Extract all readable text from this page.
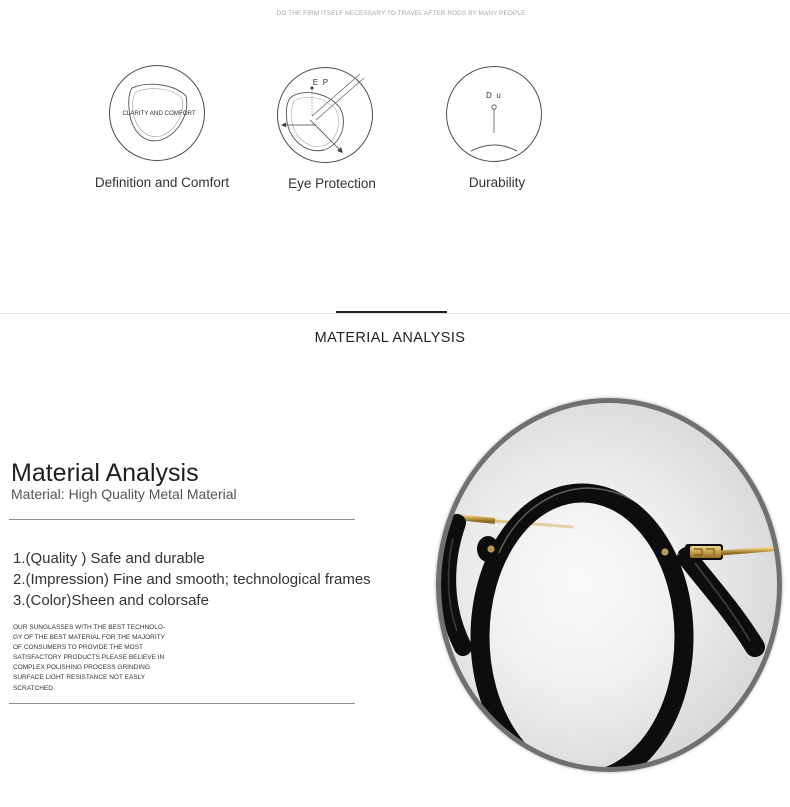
DO THE FIRM ITSELF NECESSARY TO TRAVEL AFTER RODS BY MANY PEOPLE
CLARITY AND COMFORT
Definition and Comfort
E P
Eye Protection
D u
Durability
MATERIAL ANALYSIS
Material Analysis
Material: High Quality Metal Material
1.(Quality ) Safe and durable
2.(Impression) Fine and smooth; technological frames
3.(Color)Sheen and colorsafe
OUR SUNGLASSES WITH THE BEST TECHNOLO-
GY OF THE BEST MATERIAL FOR THE MAJORITY
OF CONSUMERS TO PROVIDE THE MOST
SATISFACTORY PRODUCTS PLEASE BELIEVE IN
COMPLEX POLISHING PROCESS GRINDING
SURFACE LIGHT RESISTANCE NOT EASLY
SCRATCHED
